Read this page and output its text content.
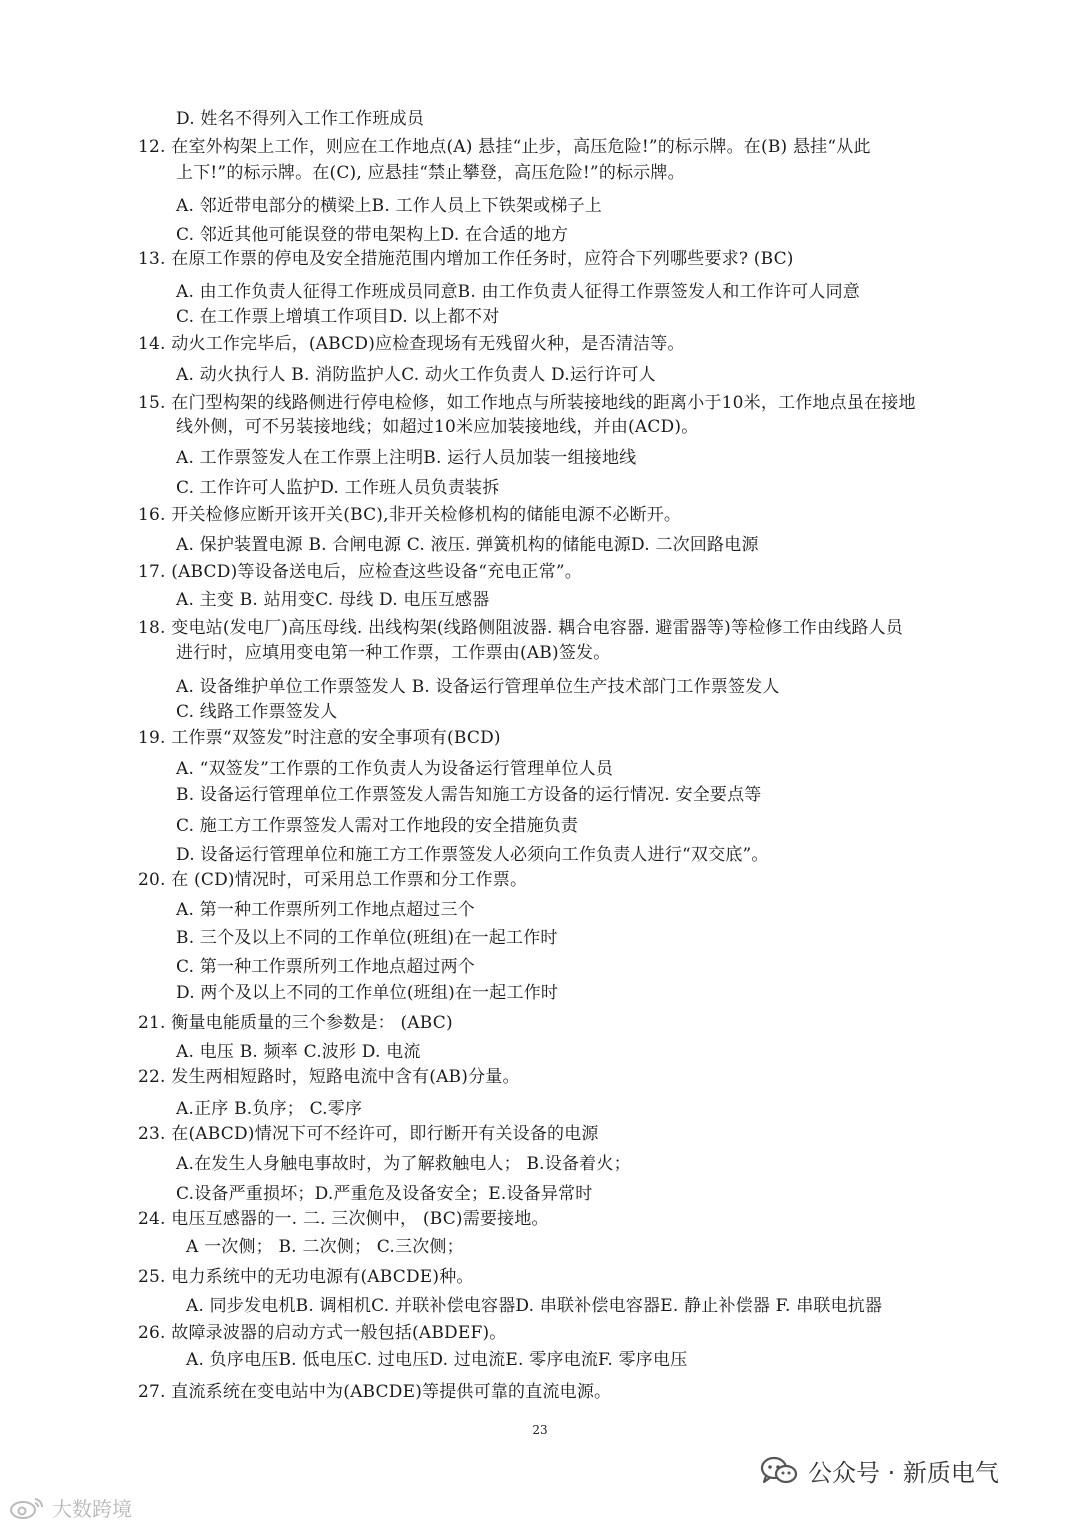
D. 姓名不得列入工作工作班成员
12. 在室外构架上工作，则应在工作地点(A) 悬挂“止步，高压危险!”的标示牌。在(B) 悬挂“从此
上下!”的标示牌。在(C), 应悬挂“禁止攀登，高压危险!”的标示牌。
A. 邻近带电部分的横梁上B. 工作人员上下铁架或梯子上
C. 邻近其他可能误登的带电架构上D. 在合适的地方
13. 在原工作票的停电及安全措施范围内增加工作任务时，应符合下列哪些要求? (BC)
A. 由工作负责人征得工作班成员同意B. 由工作负责人征得工作票签发人和工作许可人同意
C. 在工作票上增填工作项目D. 以上都不对
14. 动火工作完毕后，(ABCD)应检查现场有无残留火种，是否清洁等。
A. 动火执行人 B. 消防监护人C. 动火工作负责人 D.运行许可人
15. 在门型构架的线路侧进行停电检修，如工作地点与所装接地线的距离小于10米，工作地点虽在接地
线外侧，可不另装接地线；如超过10米应加装接地线，并由(ACD)。
A. 工作票签发人在工作票上注明B. 运行人员加装一组接地线
C. 工作许可人监护D. 工作班人员负责装拆
16. 开关检修应断开该开关(BC),非开关检修机构的储能电源不必断开。
A. 保护装置电源 B. 合闸电源 C. 液压. 弹簧机构的储能电源D. 二次回路电源
17. (ABCD)等设备送电后，应检查这些设备“充电正常”。
A. 主变 B. 站用变C. 母线 D. 电压互感器
18. 变电站(发电厂)高压母线. 出线构架(线路侧阻波器. 耦合电容器. 避雷器等)等检修工作由线路人员
进行时，应填用变电第一种工作票，工作票由(AB)签发。
A. 设备维护单位工作票签发人 B. 设备运行管理单位生产技术部门工作票签发人
C. 线路工作票签发人
19. 工作票“双签发”时注意的安全事项有(BCD)
A. “双签发”工作票的工作负责人为设备运行管理单位人员
B. 设备运行管理单位工作票签发人需告知施工方设备的运行情况. 安全要点等
C. 施工方工作票签发人需对工作地段的安全措施负责
D. 设备运行管理单位和施工方工作票签发人必须向工作负责人进行“双交底”。
20. 在 (CD)情况时，可采用总工作票和分工作票。
A. 第一种工作票所列工作地点超过三个
B. 三个及以上不同的工作单位(班组)在一起工作时
C. 第一种工作票所列工作地点超过两个
D. 两个及以上不同的工作单位(班组)在一起工作时
21. 衡量电能质量的三个参数是： (ABC)
A. 电压 B. 频率 C.波形 D. 电流
22. 发生两相短路时，短路电流中含有(AB)分量。
A.正序 B.负序； C.零序
23. 在(ABCD)情况下可不经许可，即行断开有关设备的电源
A.在发生人身触电事故时，为了解救触电人； B.设备着火；
C.设备严重损坏；D.严重危及设备安全；E.设备异常时
24. 电压互感器的一. 二. 三次侧中， (BC)需要接地。
A 一次侧； B. 二次侧； C.三次侧；
25. 电力系统中的无功电源有(ABCDE)种。
A. 同步发电机B. 调相机C. 并联补偿电容器D. 串联补偿电容器E. 静止补偿器 F. 串联电抗器
26. 故障录波器的启动方式一般包括(ABDEF)。
A. 负序电压B. 低电压C. 过电压D. 过电流E. 零序电流F. 零序电压
27. 直流系统在变电站中为(ABCDE)等提供可靠的直流电源。
23
公众号 · 新质电气
大数跨境
